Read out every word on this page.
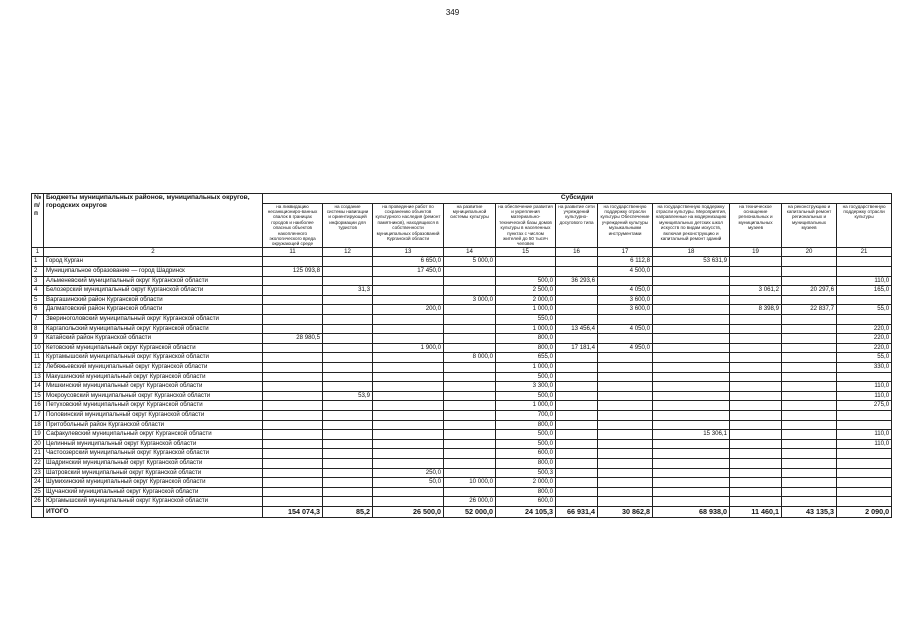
349
№ п/п	Бюджеты муниципальных районов, муниципальных округов, городских округов	Субсидии										
		на ликвидацию несанкциониро-ванных свалок в границах городов и наиболее опасных объектов накопленного экологического вреда окружающей среде	на создание системы навигации и ориентирующей информации для туристов	на проведение работ по сохранению объектов культурного наследия (ремонт памятников), находящихся в собственности муниципальных образований Курганской области	на развитие муниципальной системы культуры	на обеспечение развития и укрепления материально-технической базы домов культуры в населенных пунктах с числом жителей до 50 тысяч человек	на развитие сети учреждений культурно-досугового типа	на государственную поддержку отрасли культуры Обеспечение учреждений культуры музыкальными инструментами	на государственную поддержку отрасли культуры. Мероприятия, направленные на модернизацию муниципальных детских школ искусств по видам искусств, включая реконструкцию и капитальный ремонт зданий	на техническое оснащение региональных и муниципальных музеев	на реконструкцию и капитальный ремонт региональных и муниципальных музеев	на государственную поддержку отрасли культуры
1	2	11	12	13	14	15	16	17	18	19	20	21
1	Город Курган			6 650,0	5 000,0			6 112,8	53 631,9			
2	Муниципальное образование — город Шадринск	125 093,8		17 450,0				4 500,0				
3	Альменевский муниципальный округ Курганской области					500,0	36 293,6					110,0
4	Белозерский муниципальный округ Курганской области		31,3			2 500,0		4 050,0		3 061,2	20 297,6	165,0
5	Варгашинский район Курганской области				3 000,0	2 000,0		3 600,0				
6	Далматовский район Курганской области			200,0		1 000,0		3 600,0		8 398,9	22 837,7	55,0
7	Звериноголовский муниципальный округ Курганской области					550,0						
8	Каргапольский муниципальный округ Курганской области					1 000,0	13 456,4	4 050,0				220,0
9	Катайский район Курганской области	28 980,5				800,0						220,0
10	Кетовский муниципальный округ Курганской области			1 900,0		800,0	17 181,4	4 950,0				220,0
11	Куртамышский муниципальный округ Курганской области				8 000,0	655,0						55,0
12	Лебяжьевский муниципальный округ Курганской области					1 000,0						330,0
13	Макушинский муниципальный округ Курганской области					500,0						
14	Мишкинский муниципальный округ Курганской области					3 300,0						110,0
15	Мокроусовский муниципальный округ Курганской области		53,9			500,0						110,0
16	Петуховский муниципальный округ Курганской области					1 000,0						275,0
17	Половинский муниципальный округ Курганской области					700,0						
18	Притобольный район Курганской области					800,0						
19	Сафакулевский муниципальный округ Курганской области					500,0			15 306,1			110,0
20	Целинный муниципальный округ Курганской области					500,0						110,0
21	Частоозерский муниципальный округ Курганской области					600,0						
22	Шадринский муниципальный округ Курганской области					800,0						
23	Шатровский муниципальный округ Курганской области			250,0		500,3						
24	Шумихинский муниципальный округ Курганской области			50,0	10 000,0	2 000,0						
25	Щучанский муниципальный округ Курганской области					800,0						
26	Юргамышский муниципальный округ Курганской области				26 000,0	600,0						
	ИТОГО	154 074,3	85,2	26 500,0	52 000,0	24 105,3	66 931,4	30 862,8	68 938,0	11 460,1	43 135,3	2 090,0
